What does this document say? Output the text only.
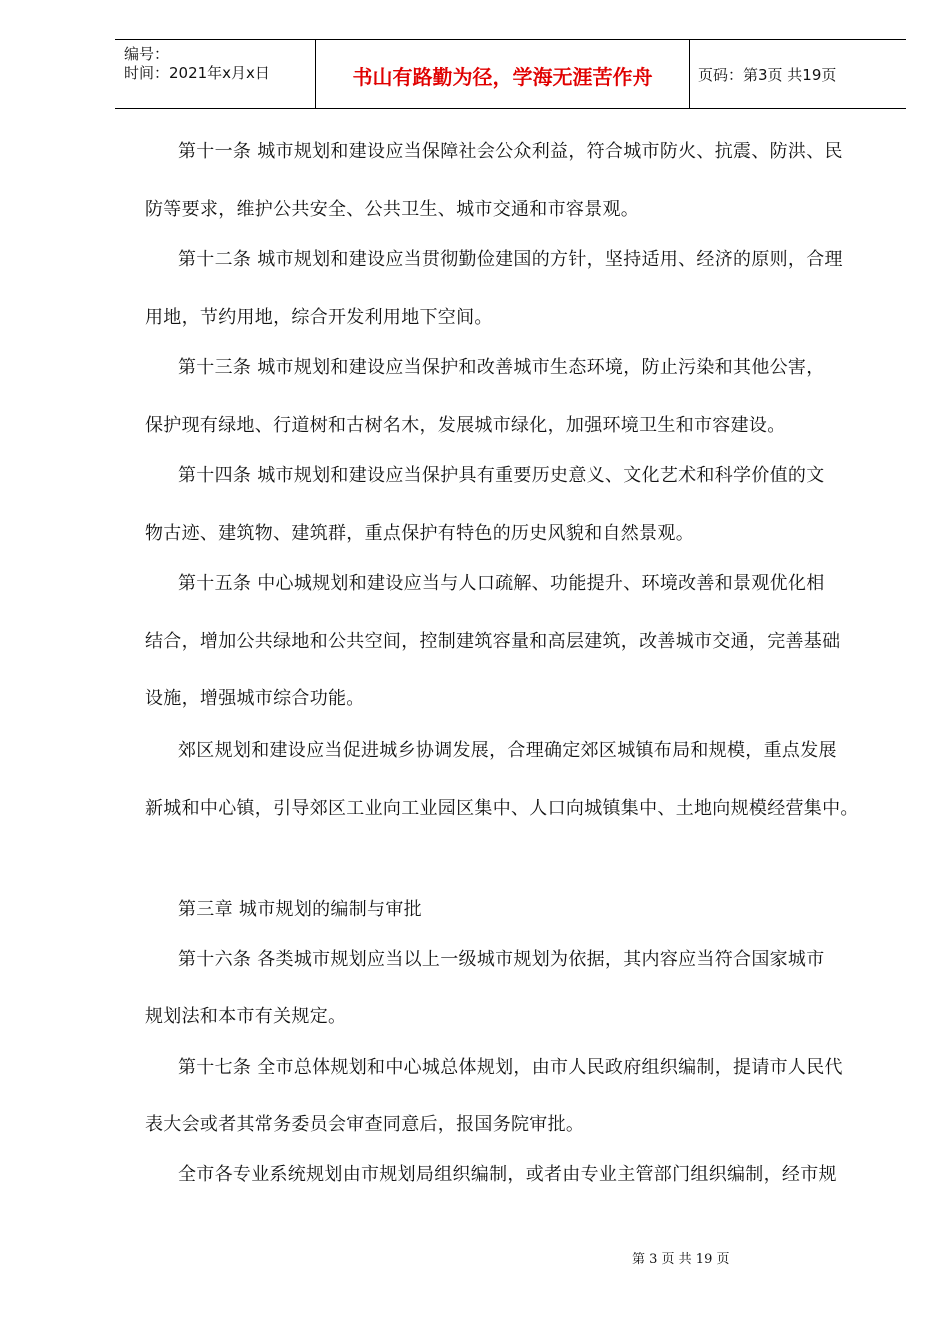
编号：
时间：2021年x月x日	书山有路勤为径，学海无涯苦作舟	页码：第3页 共19页
第十一条 城市规划和建设应当保障社会公众利益，符合城市防火、抗震、防洪、民
防等要求，维护公共安全、公共卫生、城市交通和市容景观。
第十二条 城市规划和建设应当贯彻勤俭建国的方针，坚持适用、经济的原则，合理
用地，节约用地，综合开发利用地下空间。
第十三条 城市规划和建设应当保护和改善城市生态环境，防止污染和其他公害，
保护现有绿地、行道树和古树名木，发展城市绿化，加强环境卫生和市容建设。
第十四条 城市规划和建设应当保护具有重要历史意义、文化艺术和科学价值的文
物古迹、建筑物、建筑群，重点保护有特色的历史风貌和自然景观。
第十五条 中心城规划和建设应当与人口疏解、功能提升、环境改善和景观优化相
结合，增加公共绿地和公共空间，控制建筑容量和高层建筑，改善城市交通，完善基础
设施，增强城市综合功能。
郊区规划和建设应当促进城乡协调发展，合理确定郊区城镇布局和规模，重点发展
新城和中心镇，引导郊区工业向工业园区集中、人口向城镇集中、土地向规模经营集中。
第三章 城市规划的编制与审批
第十六条 各类城市规划应当以上一级城市规划为依据，其内容应当符合国家城市
规划法和本市有关规定。
第十七条 全市总体规划和中心城总体规划，由市人民政府组织编制，提请市人民代
表大会或者其常务委员会审查同意后，报国务院审批。
全市各专业系统规划由市规划局组织编制，或者由专业主管部门组织编制，经市规
第 3 页 共 19 页
